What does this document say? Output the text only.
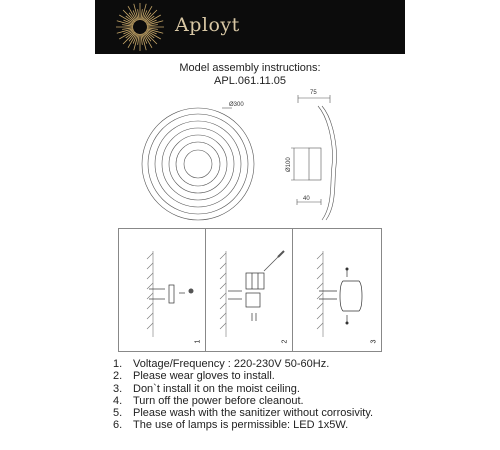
Aployt
Model assembly instructions:
APL.061.11.05
Ø300
75
Ø100
40
1	2	3
1. Voltage/Frequency : 220-230V 50-60Hz.
2. Please wear gloves to install.
3. Don`t install it on the moist ceiling.
4. Turn off the power before cleanout.
5. Please wash with the sanitizer without corrosivity.
6. The use of lamps is permissible: LED 1x5W.
